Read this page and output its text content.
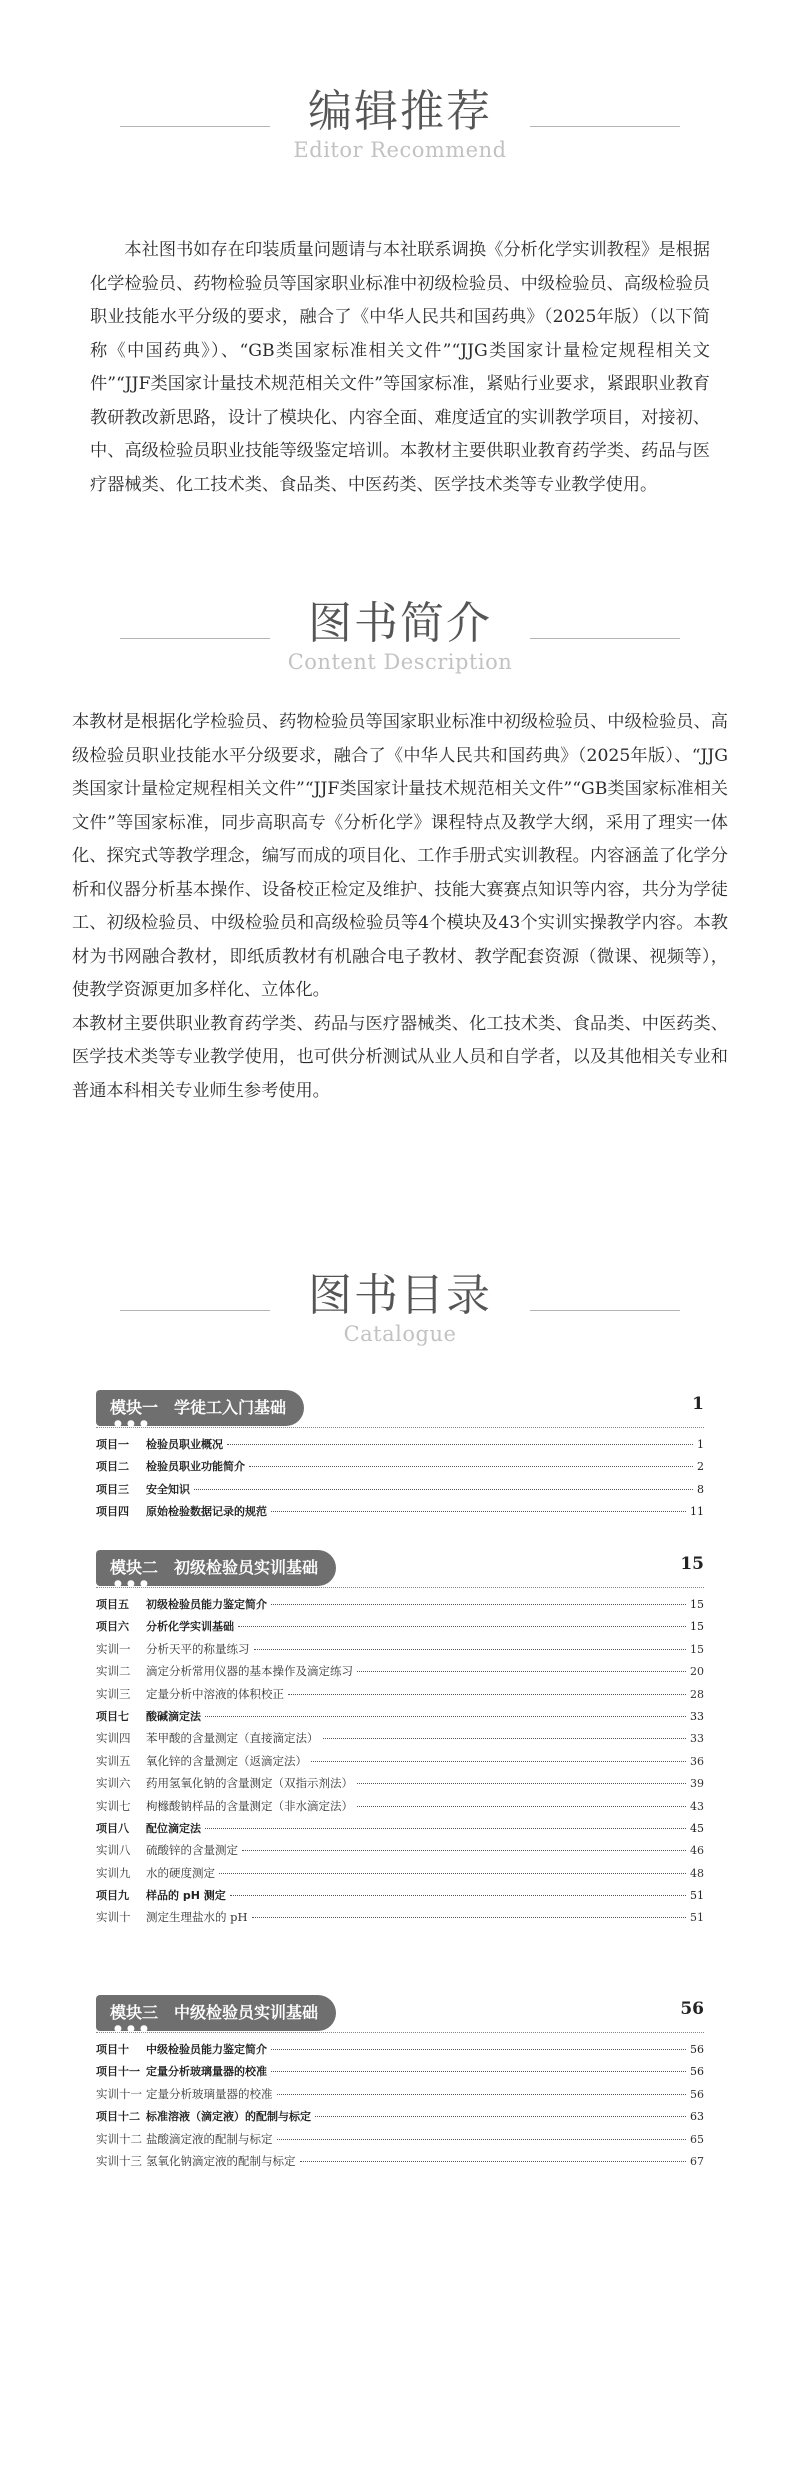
编辑推荐
Editor Recommend

本社图书如存在印装质量问题请与本社联系调换《分析化学实训教程》是根据化学检验员、药物检验员等国家职业标准中初级检验员、中级检验员、高级检验员职业技能水平分级的要求，融合了《中华人民共和国药典》（2025年版）（以下简称《中国药典》）、“GB类国家标准相关文件”“JJG类国家计量检定规程相关文件”“JJF类国家计量技术规范相关文件”等国家标准，紧贴行业要求，紧跟职业教育教研教改新思路，设计了模块化、内容全面、难度适宜的实训教学项目，对接初、中、高级检验员职业技能等级鉴定培训。本教材主要供职业教育药学类、药品与医疗器械类、化工技术类、食品类、中医药类、医学技术类等专业教学使用。

图书简介
Content Description

本教材是根据化学检验员、药物检验员等国家职业标准中初级检验员、中级检验员、高级检验员职业技能水平分级要求，融合了《中华人民共和国药典》（2025年版）、“JJG类国家计量检定规程相关文件”“JJF类国家计量技术规范相关文件”“GB类国家标准相关文件”等国家标准，同步高职高专《分析化学》课程特点及教学大纲，采用了理实一体化、探究式等教学理念，编写而成的项目化、工作手册式实训教程。内容涵盖了化学分析和仪器分析基本操作、设备校正检定及维护、技能大赛赛点知识等内容，共分为学徒工、初级检验员、中级检验员和高级检验员等4个模块及43个实训实操教学内容。本教材为书网融合教材，即纸质教材有机融合电子教材、教学配套资源（微课、视频等），使教学资源更加多样化、立体化。

本教材主要供职业教育药学类、药品与医疗器械类、化工技术类、食品类、中医药类、医学技术类等专业教学使用，也可供分析测试从业人员和自学者，以及其他相关专业和普通本科相关专业师生参考使用。

图书目录
Catalogue
模块一　学徒工入门基础
● ● ●
1
项目一 检验员职业概况	1
项目二 检验员职业功能简介	2
项目三 安全知识	8
项目四 原始检验数据记录的规范	11
模块二　初级检验员实训基础
● ● ●
15
项目五 初级检验员能力鉴定简介	15
项目六 分析化学实训基础	15
实训一 分析天平的称量练习	15
实训二 滴定分析常用仪器的基本操作及滴定练习	20
实训三 定量分析中溶液的体积校正	28
项目七 酸碱滴定法	33
实训四 苯甲酸的含量测定（直接滴定法）	33
实训五 氧化锌的含量测定（返滴定法）	36
实训六 药用氢氧化钠的含量测定（双指示剂法）	39
实训七 枸橼酸钠样品的含量测定（非水滴定法）	43
项目八 配位滴定法	45
实训八 硫酸锌的含量测定	46
实训九 水的硬度测定	48
项目九 样品的 pH 测定	51
实训十 测定生理盐水的 pH	51
模块三　中级检验员实训基础
● ● ●
56
项目十 中级检验员能力鉴定简介	56
项目十一 定量分析玻璃量器的校准	56
实训十一 定量分析玻璃量器的校准	56
项目十二 标准溶液（滴定液）的配制与标定	63
实训十二 盐酸滴定液的配制与标定	65
实训十三 氢氧化钠滴定液的配制与标定	67
